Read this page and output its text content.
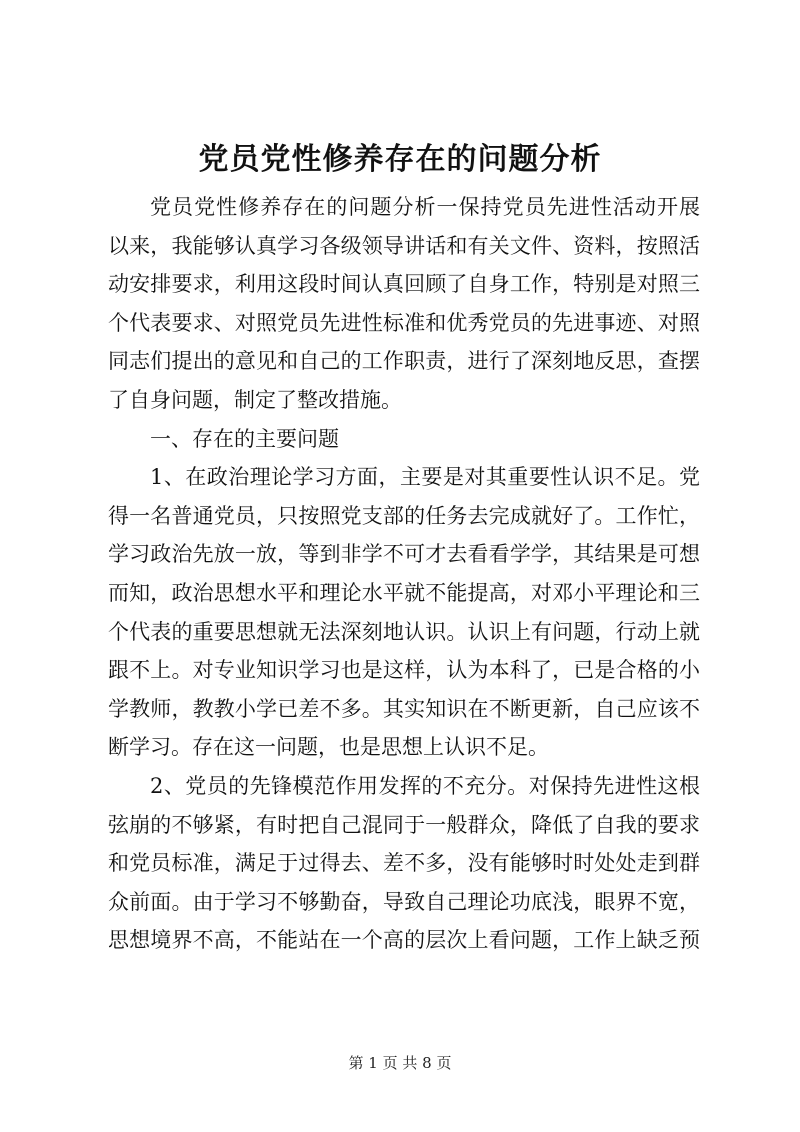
党员党性修养存在的问题分析
党员党性修养存在的问题分析一保持党员先进性活动开展
以来，我能够认真学习各级领导讲话和有关文件、资料，按照活
动安排要求，利用这段时间认真回顾了自身工作，特别是对照三
个代表要求、对照党员先进性标准和优秀党员的先进事迹、对照
同志们提出的意见和自己的工作职责，进行了深刻地反思，查摆
了自身问题，制定了整改措施。
一、存在的主要问题
1、在政治理论学习方面，主要是对其重要性认识不足。党
得一名普通党员，只按照党支部的任务去完成就好了。工作忙，
学习政治先放一放，等到非学不可才去看看学学，其结果是可想
而知，政治思想水平和理论水平就不能提高，对邓小平理论和三
个代表的重要思想就无法深刻地认识。认识上有问题，行动上就
跟不上。对专业知识学习也是这样，认为本科了，已是合格的小
学教师，教教小学已差不多。其实知识在不断更新，自己应该不
断学习。存在这一问题，也是思想上认识不足。
2、党员的先锋模范作用发挥的不充分。对保持先进性这根
弦崩的不够紧，有时把自己混同于一般群众，降低了自我的要求
和党员标准，满足于过得去、差不多，没有能够时时处处走到群
众前面。由于学习不够勤奋，导致自己理论功底浅，眼界不宽，
思想境界不高，不能站在一个高的层次上看问题，工作上缺乏预
第 1 页 共 8 页
